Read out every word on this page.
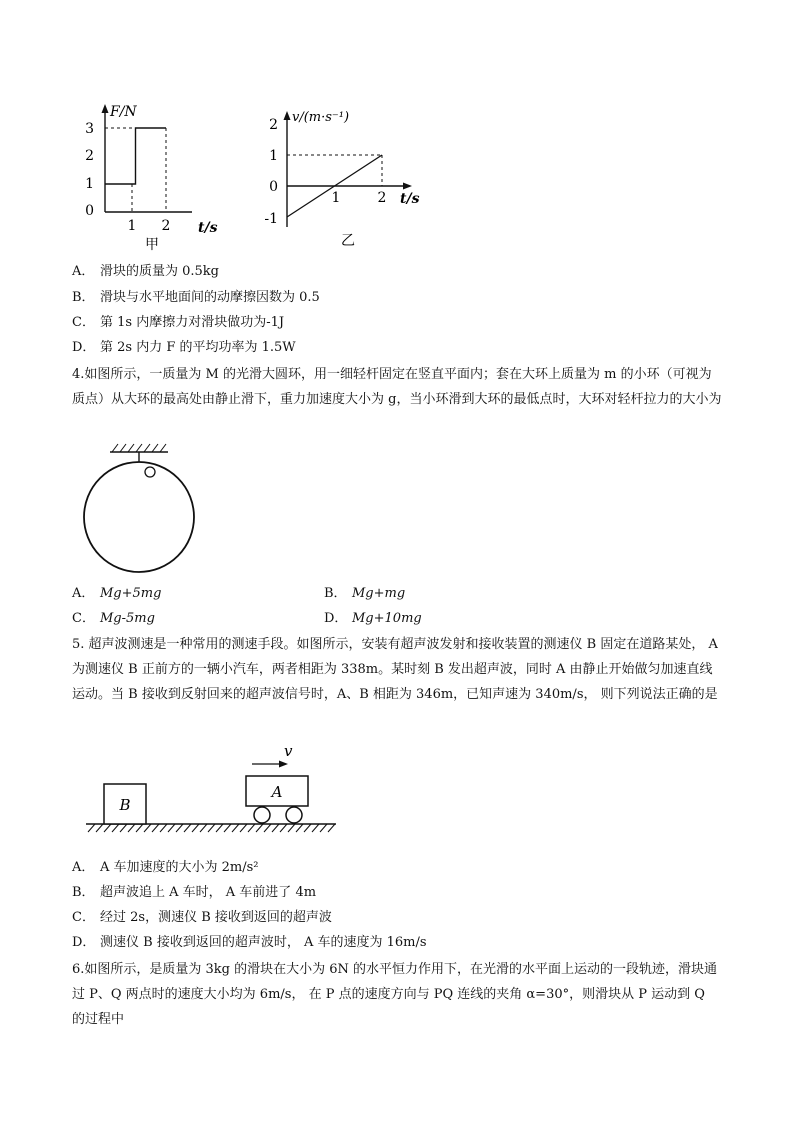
3
2
1
0
1 2
F/N
t/s
甲
2
1
0
-1
1	2
v/(m·s⁻¹)
t/s
乙
A． 滑块的质量为 0.5kg
B． 滑块与水平地面间的动摩擦因数为 0.5
C． 第 1s 内摩擦力对滑块做功为-1J
D． 第 2s 内力 F 的平均功率为 1.5W
4.如图所示，一质量为 M 的光滑大圆环，用一细轻杆固定在竖直平面内；套在大环上质量为 m 的小环（可视为质点）从大环的最高处由静止滑下，重力加速度大小为 g，当小环滑到大环的最低点时，大环对轻杆拉力的大小为
A． Mg+5mg	B． Mg+mg
C． Mg-5mg	D． Mg+10mg
5. 超声波测速是一种常用的测速手段。如图所示，安装有超声波发射和接收装置的测速仪 B 固定在道路某处， A 为测速仪 B 正前方的一辆小汽车，两者相距为 338m。某时刻 B 发出超声波，同时 A 由静止开始做匀加速直线运动。当 B 接收到反射回来的超声波信号时，A、B 相距为 346m，已知声速为 340m/s， 则下列说法正确的是
B
A
v
A． A 车加速度的大小为 2m/s²
B． 超声波追上 A 车时， A 车前进了 4m
C． 经过 2s，测速仪 B 接收到返回的超声波
D． 测速仪 B 接收到返回的超声波时， A 车的速度为 16m/s
6.如图所示，是质量为 3kg 的滑块在大小为 6N 的水平恒力作用下，在光滑的水平面上运动的一段轨迹，滑块通过 P、Q 两点时的速度大小均为 6m/s， 在 P 点的速度方向与 PQ 连线的夹角 α=30°，则滑块从 P 运动到 Q 的过程中
